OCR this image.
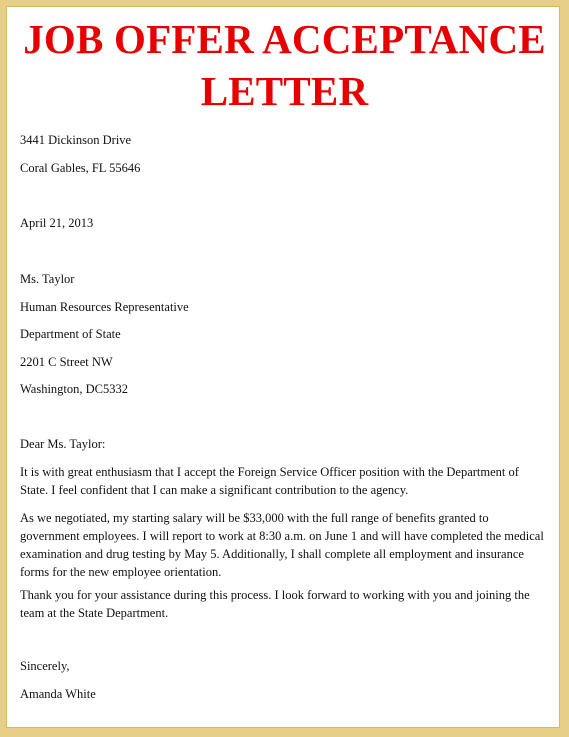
JOB OFFER ACCEPTANCE
LETTER
3441 Dickinson Drive
Coral Gables, FL 55646
April 21, 2013
Ms. Taylor
Human Resources Representative
Department of State
2201 C Street NW
Washington, DC5332
Dear Ms. Taylor:
It is with great enthusiasm that I accept the Foreign Service Officer position with the Department of State. I feel confident that I can make a significant contribution to the agency.
As we negotiated, my starting salary will be $33,000 with the full range of benefits granted to government employees. I will report to work at 8:30 a.m. on June 1 and will have completed the medical examination and drug testing by May 5. Additionally, I shall complete all employment and insurance forms for the new employee orientation.
Thank you for your assistance during this process. I look forward to working with you and joining the team at the State Department.
Sincerely,
Amanda White
